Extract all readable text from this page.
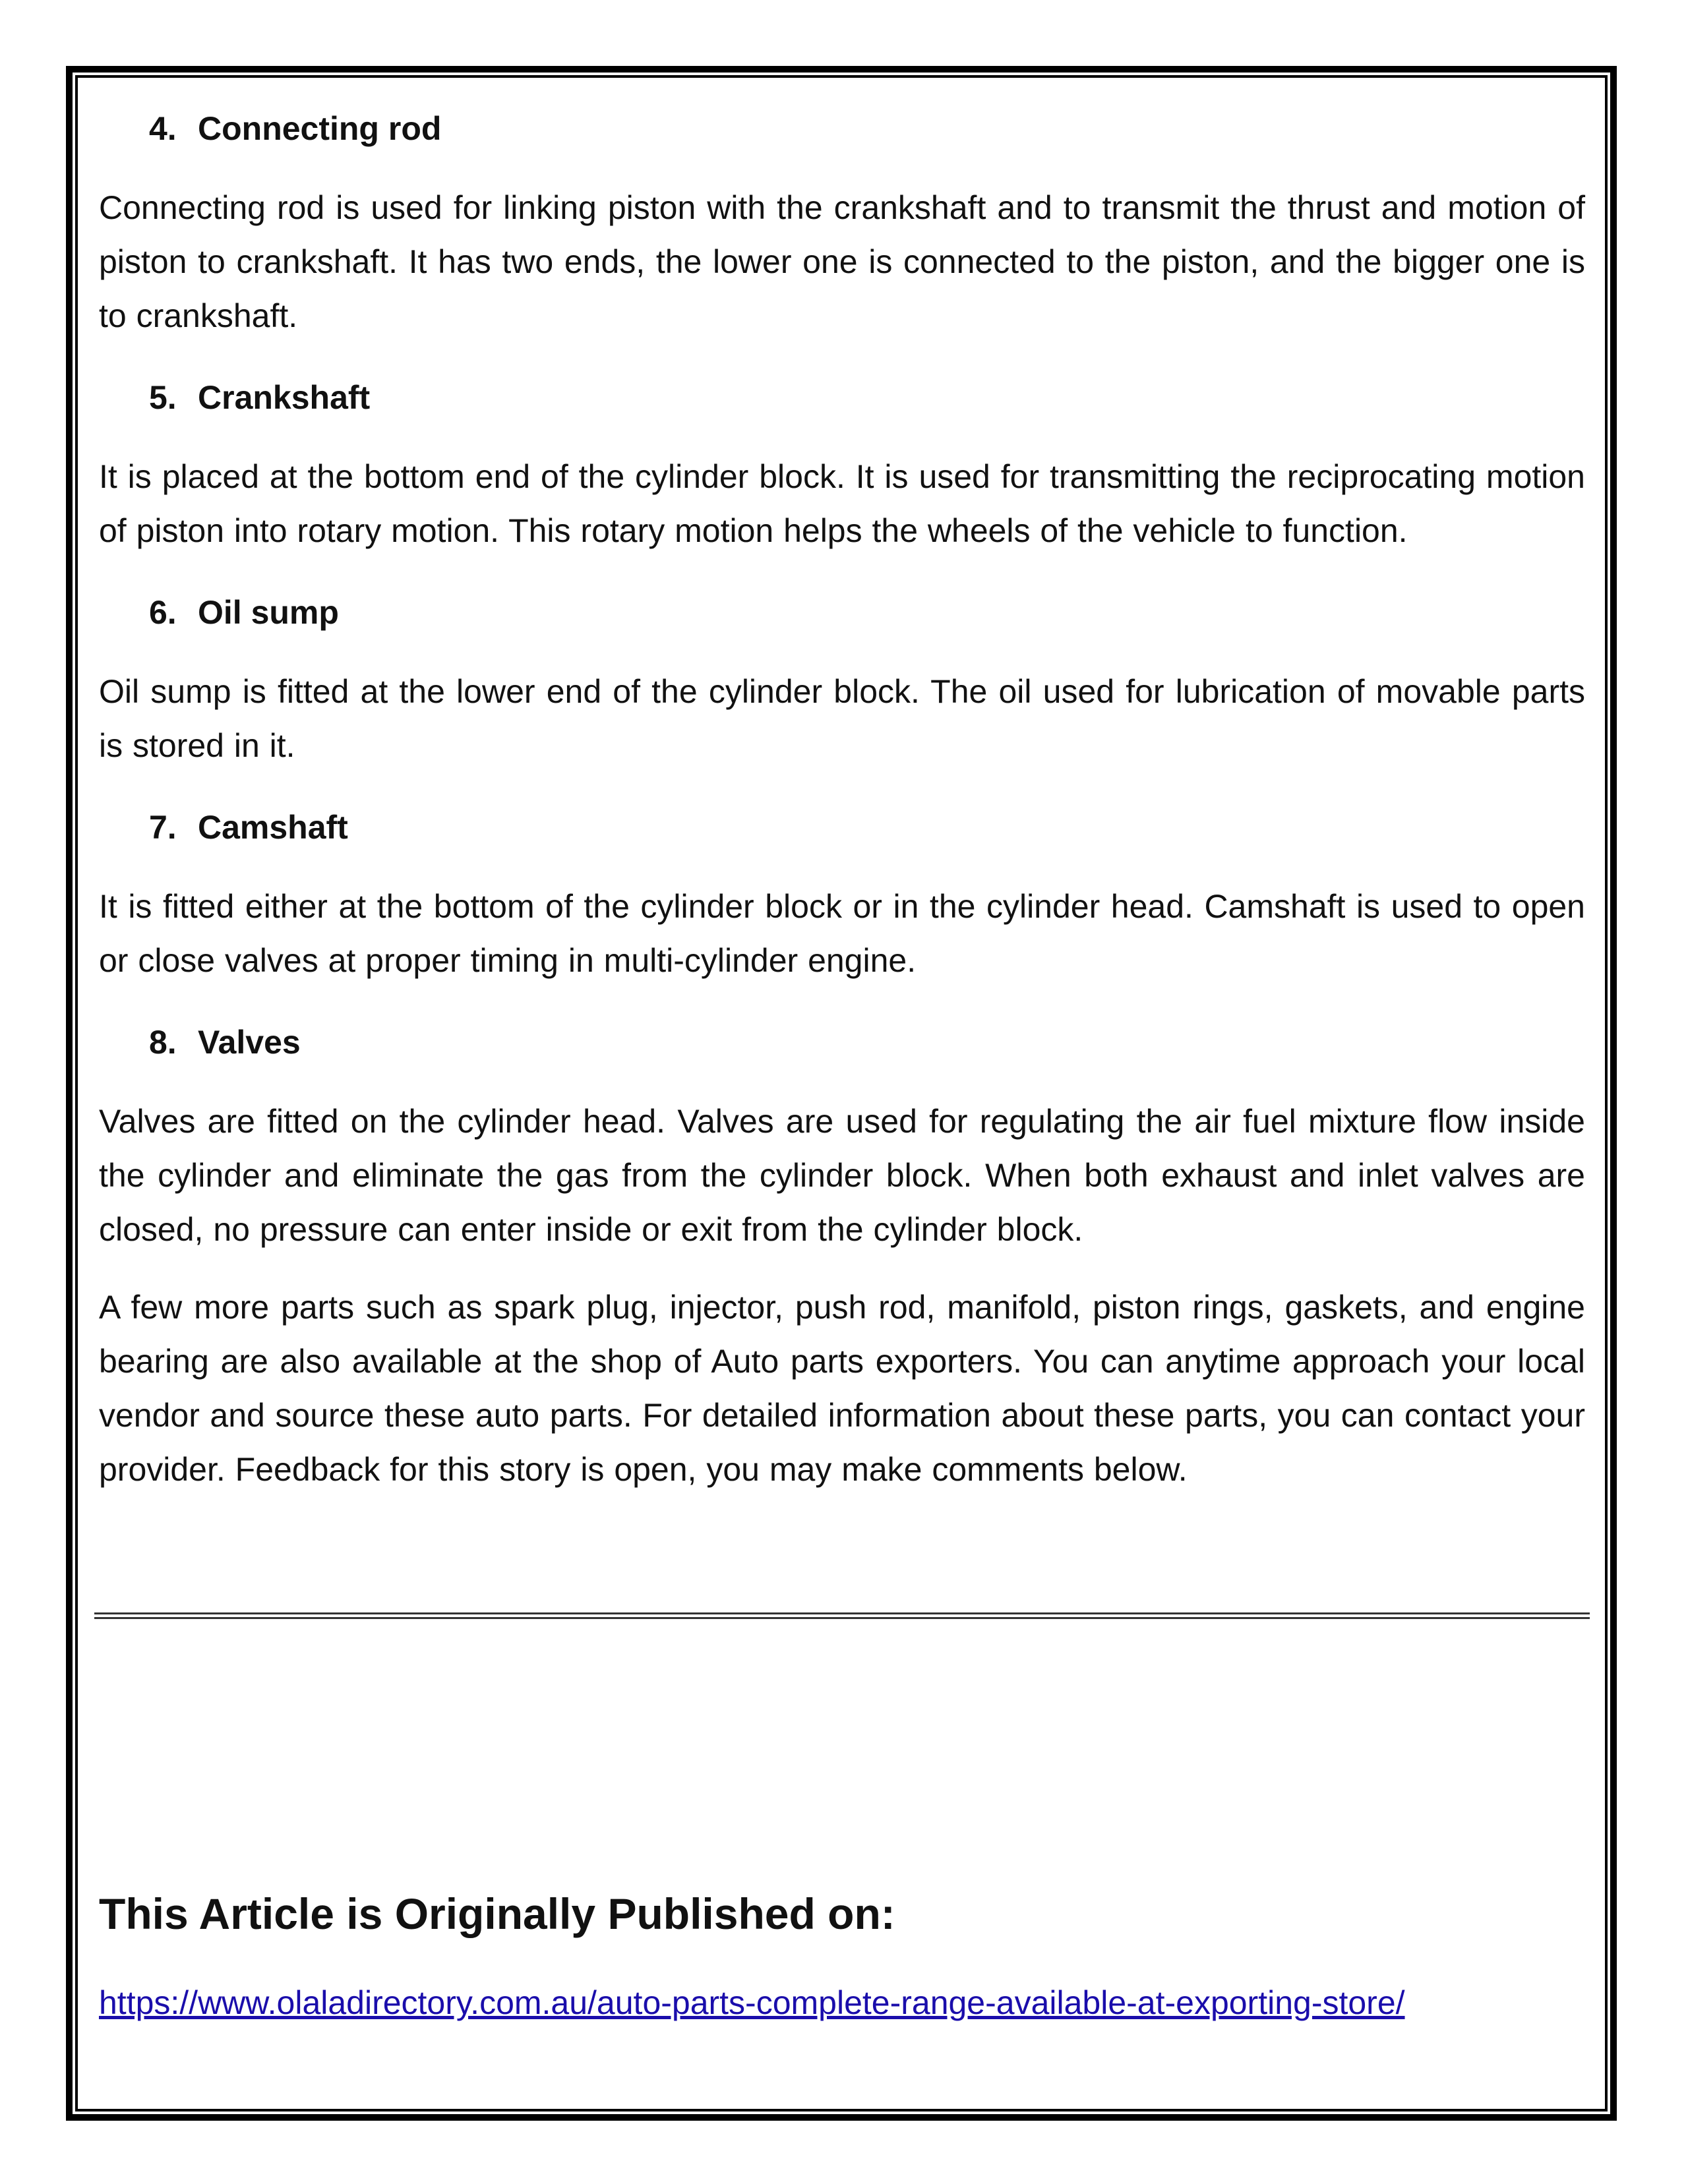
4. Connecting rod

Connecting rod is used for linking piston with the crankshaft and to transmit the thrust and motion of piston to crankshaft. It has two ends, the lower one is connected to the piston, and the bigger one is to crankshaft.

5. Crankshaft

It is placed at the bottom end of the cylinder block. It is used for transmitting the reciprocating motion of piston into rotary motion. This rotary motion helps the wheels of the vehicle to function.

6. Oil sump

Oil sump is fitted at the lower end of the cylinder block. The oil used for lubrication of movable parts is stored in it.

7. Camshaft

It is fitted either at the bottom of the cylinder block or in the cylinder head. Camshaft is used to open or close valves at proper timing in multi-cylinder engine.

8. Valves

Valves are fitted on the cylinder head. Valves are used for regulating the air fuel mixture flow inside the cylinder and eliminate the gas from the cylinder block. When both exhaust and inlet valves are closed, no pressure can enter inside or exit from the cylinder block.

A few more parts such as spark plug, injector, push rod, manifold, piston rings, gaskets, and engine bearing are also available at the shop of Auto parts exporters. You can anytime approach your local vendor and source these auto parts. For detailed information about these parts, you can contact your provider. Feedback for this story is open, you may make comments below.

This Article is Originally Published on:
https://www.olaladirectory.com.au/auto-parts-complete-range-available-at-exporting-store/
